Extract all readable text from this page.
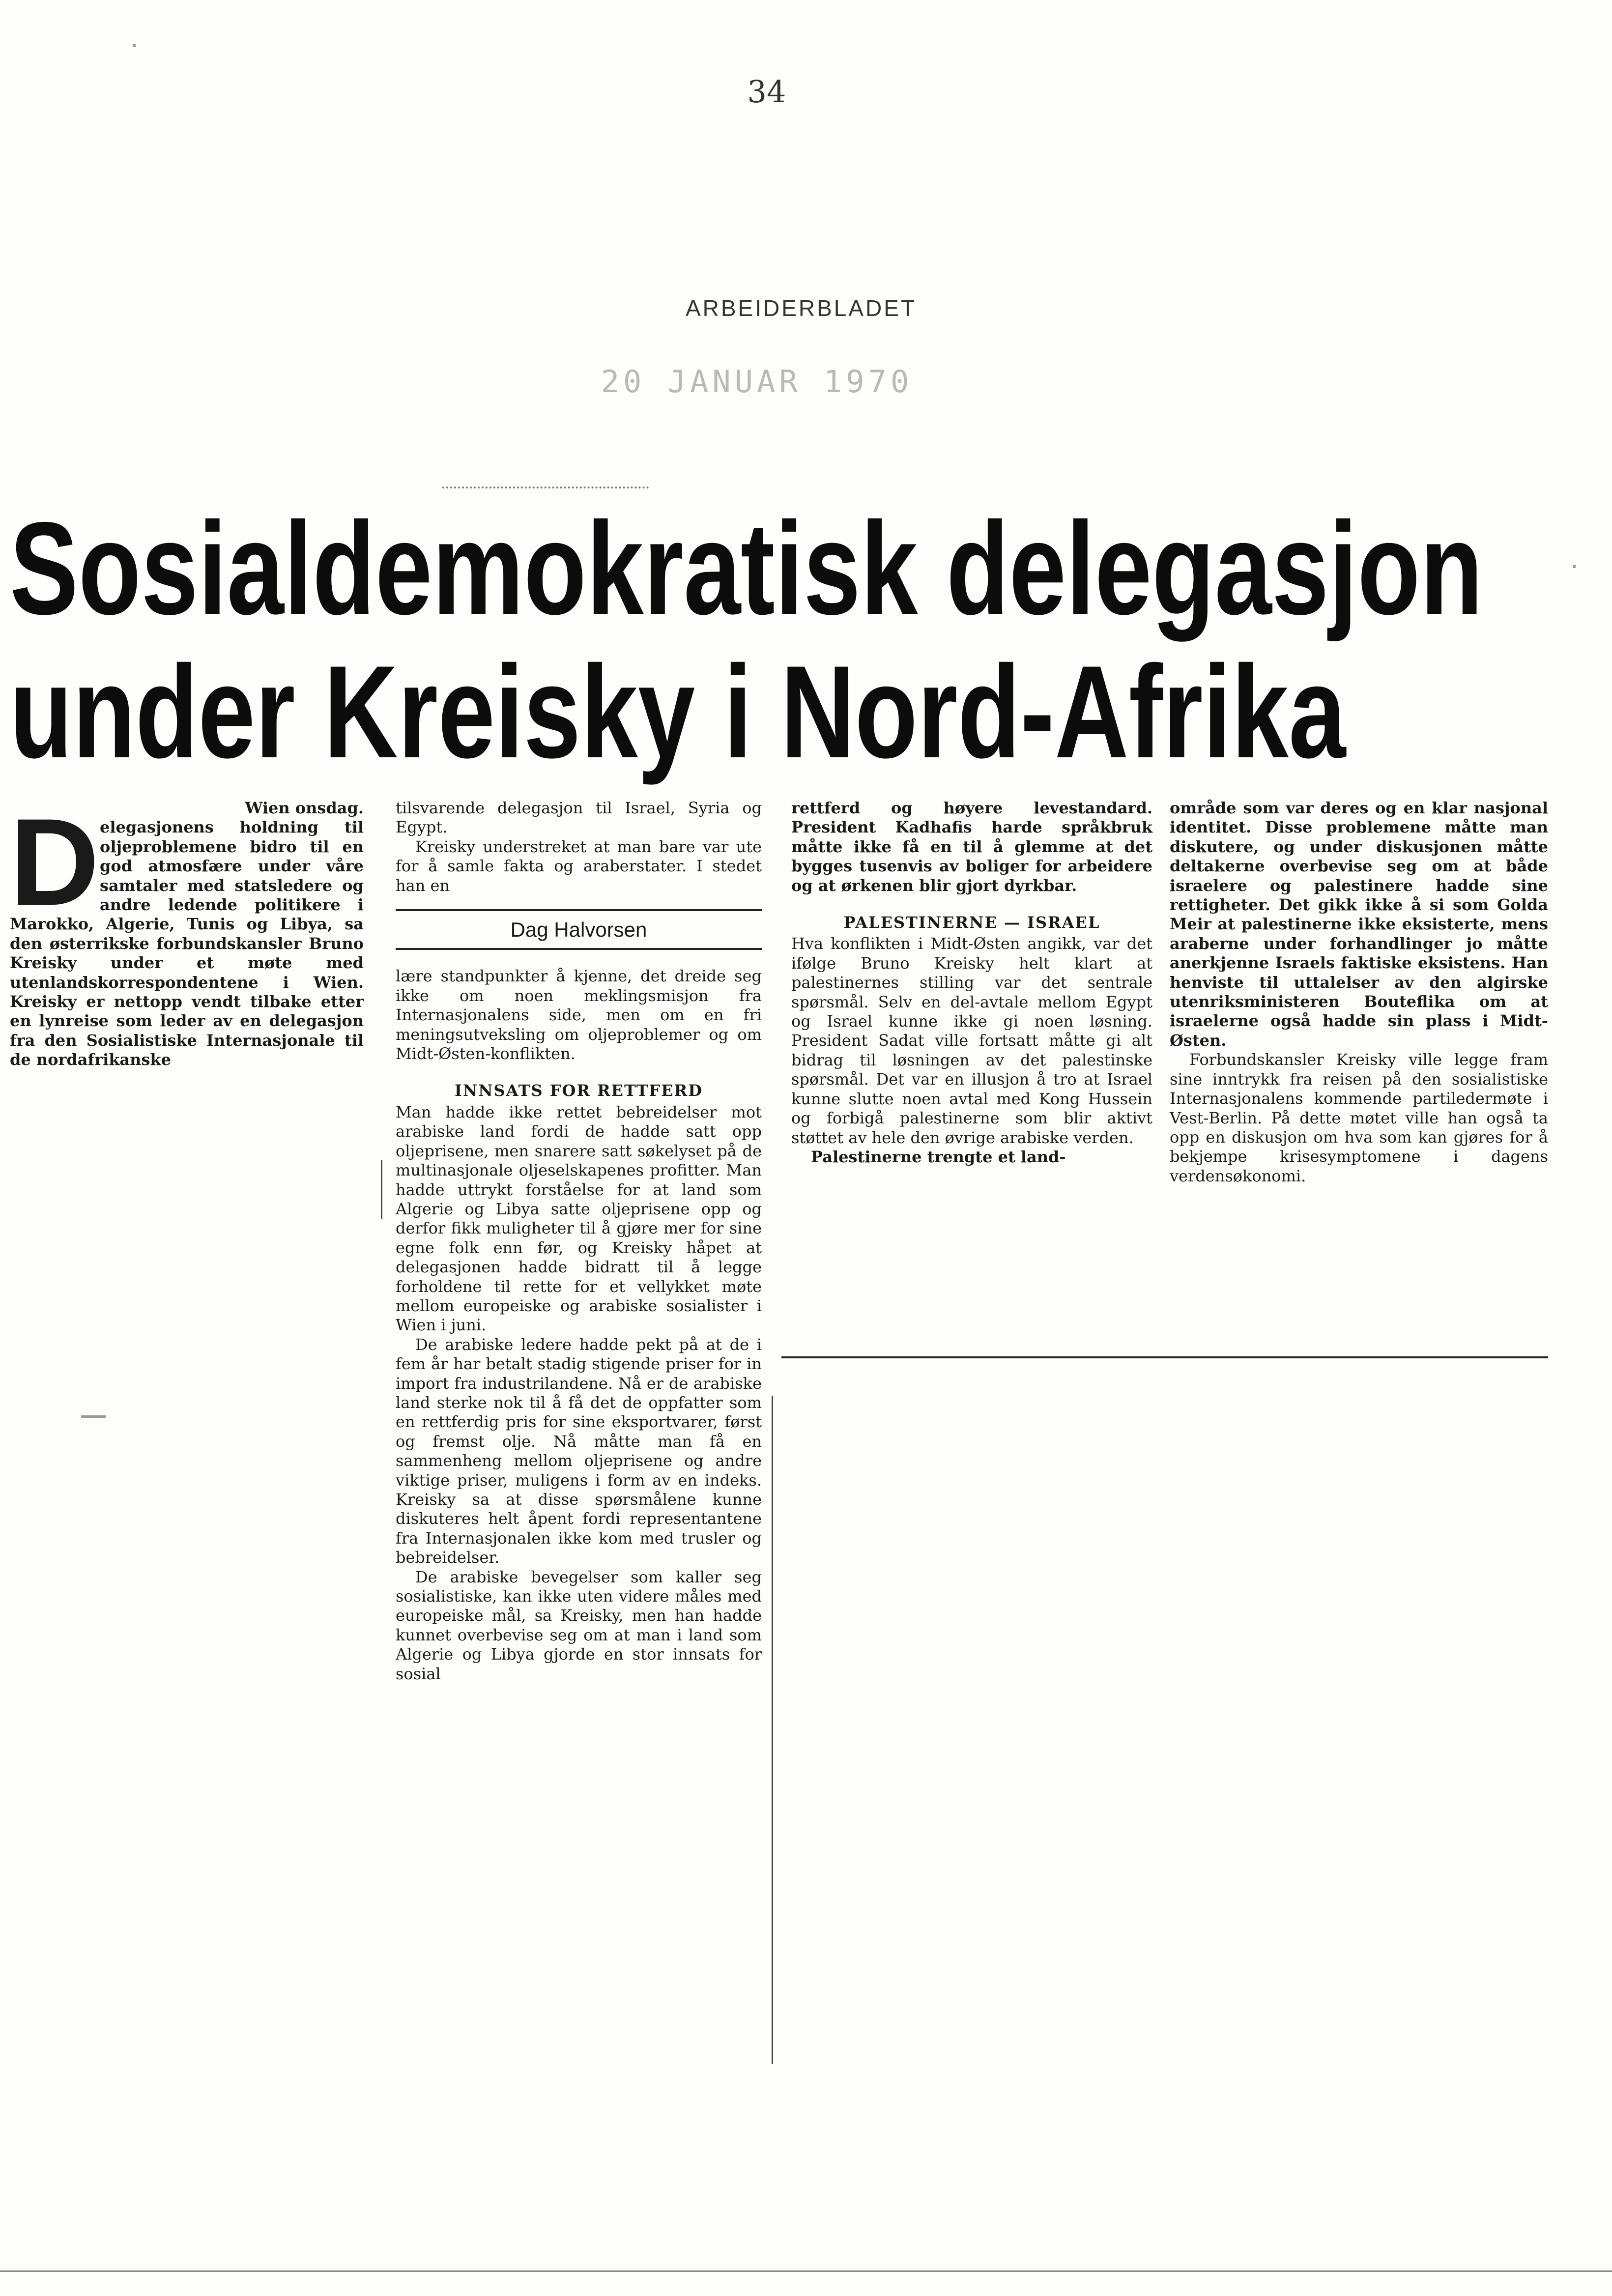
34
ARBEIDERBLADET
20 JANUAR 1970
Sosialdemokratisk delegasjon
under Kreisky i Nord-Afrika
D	Wien onsdag.

elegasjonens holdning til oljeproblemene bidro til en god atmosfære under våre samtaler med statsledere og andre ledende politikere i Marokko, Algerie, Tunis og Libya, sa den østerrikske forbundskansler Bruno Kreisky under et møte med utenlandskorrespondentene i Wien. Kreisky er nettopp vendt tilbake etter en lynreise som leder av en delegasjon fra den Sosialistiske Internasjonale til de nordafrikanske

tilsvarende delegasjon til Israel, Syria og Egypt.

Kreisky understreket at man bare var ute for å samle fakta og araberstater. I stedet han en

Dag Halvorsen

lære standpunkter å kjenne, det dreide seg ikke om noen meklingsmisjon fra Internasjonalens side, men om en fri meningsutveksling om oljeproblemer og om Midt-Østen-konflikten.

INNSATS FOR RETTFERD

Man hadde ikke rettet bebreidelser mot arabiske land fordi de hadde satt opp oljeprisene, men snarere satt søkelyset på de multinasjonale oljeselskapenes profitter. Man hadde uttrykt forståelse for at land som Algerie og Libya satte oljeprisene opp og derfor fikk muligheter til å gjøre mer for sine egne folk enn før, og Kreisky håpet at delegasjonen hadde bidratt til å legge forholdene til rette for et vellykket møte mellom europeiske og arabiske sosialister i Wien i juni.

De arabiske ledere hadde pekt på at de i fem år har betalt stadig stigende priser for in import fra industrilandene. Nå er de arabiske land sterke nok til å få det de oppfatter som en rettferdig pris for sine eksportvarer, først og fremst olje. Nå måtte man få en sammenheng mellom oljeprisene og andre viktige priser, muligens i form av en indeks. Kreisky sa at disse spørsmålene kunne diskuteres helt åpent fordi representantene fra Internasjonalen ikke kom med trusler og bebreidelser.

De arabiske bevegelser som kaller seg sosialistiske, kan ikke uten videre måles med europeiske mål, sa Kreisky, men han hadde kunnet overbevise seg om at man i land som Algerie og Libya gjorde en stor innsats for sosial

rettferd og høyere levestandard. President Kadhafis harde språkbruk måtte ikke få en til å glemme at det bygges tusenvis av boliger for arbeidere og at ørkenen blir gjort dyrkbar.

PALESTINERNE — ISRAEL

Hva konflikten i Midt-Østen angikk, var det ifølge Bruno Kreisky helt klart at palestinernes stilling var det sentrale spørsmål. Selv en del-avtale mellom Egypt og Israel kunne ikke gi noen løsning. President Sadat ville fortsatt måtte gi alt bidrag til løsningen av det palestinske spørsmål. Det var en illusjon å tro at Israel kunne slutte noen avtal med Kong Hussein og forbigå palestinerne som blir aktivt støttet av hele den øvrige arabiske verden.

Palestinerne trengte et land-

område som var deres og en klar nasjonal identitet. Disse problemene måtte man diskutere, og under diskusjonen måtte deltakerne overbevise seg om at både israelere og palestinere hadde sine rettigheter. Det gikk ikke å si som Golda Meir at palestinerne ikke eksisterte, mens araberne under forhandlinger jo måtte anerkjenne Israels faktiske eksistens. Han henviste til uttalelser av den algirske utenriksministeren Bouteflika om at israelerne også hadde sin plass i Midt-Østen.

Forbundskansler Kreisky ville legge fram sine inntrykk fra reisen på den sosialistiske Internasjonalens kommende partiledermøte i Vest-Berlin. På dette møtet ville han også ta opp en diskusjon om hva som kan gjøres for å bekjempe krisesymptomene i dagens verdensøkonomi.
